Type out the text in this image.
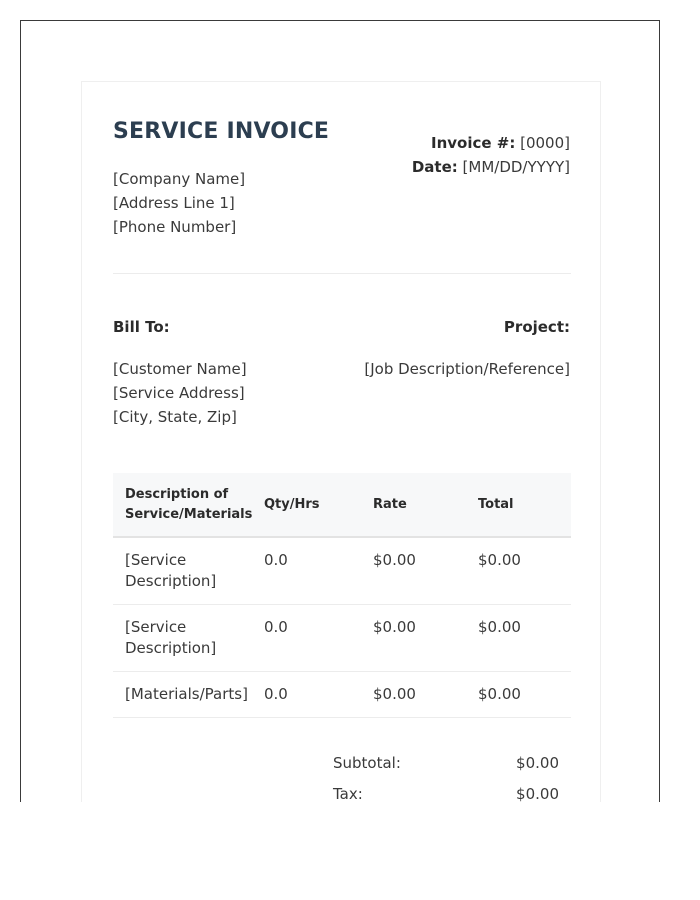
SERVICE INVOICE
[Company Name]
[Address Line 1]
[Phone Number]
Invoice #: [0000]
Date: [MM/DD/YYYY]
Bill To:	Project:
[Customer Name]
[Service Address]
[City, State, Zip]
[Job Description/Reference]
Description of Service/Materials	Qty/Hrs	Rate	Total
[Service Description]	0.0	$0.00	$0.00
[Service Description]	0.0	$0.00	$0.00
[Materials/Parts]	0.0	$0.00	$0.00
Subtotal:	$0.00
Tax:	$0.00
